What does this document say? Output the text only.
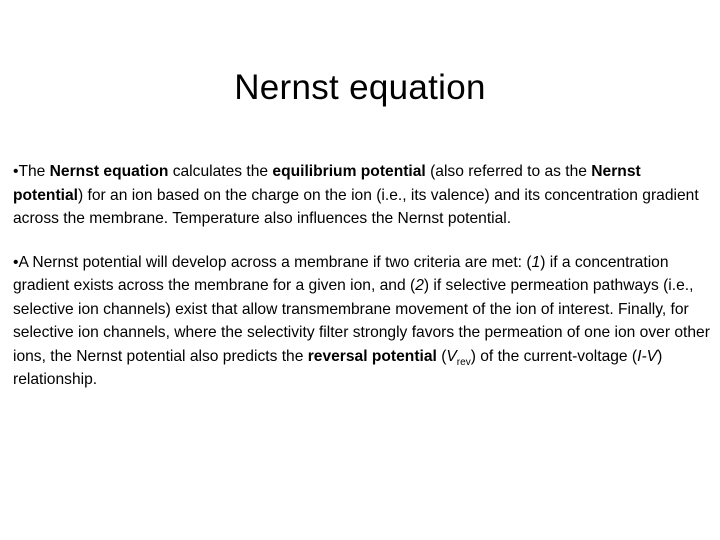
Nernst equation

•The Nernst equation calculates the equilibrium potential (also referred to as the Nernst potential) for an ion based on the charge on the ion (i.e., its valence) and its concentration gradient across the membrane. Temperature also influences the Nernst potential.

•A Nernst potential will develop across a membrane if two criteria are met: (1) if a concentration gradient exists across the membrane for a given ion, and (2) if selective permeation pathways (i.e., selective ion channels) exist that allow transmembrane movement of the ion of interest. Finally, for selective ion channels, where the selectivity filter strongly favors the permeation of one ion over other ions, the Nernst potential also predicts the reversal potential $(V_{rev})$ of the current-voltage (I-V) relationship.
